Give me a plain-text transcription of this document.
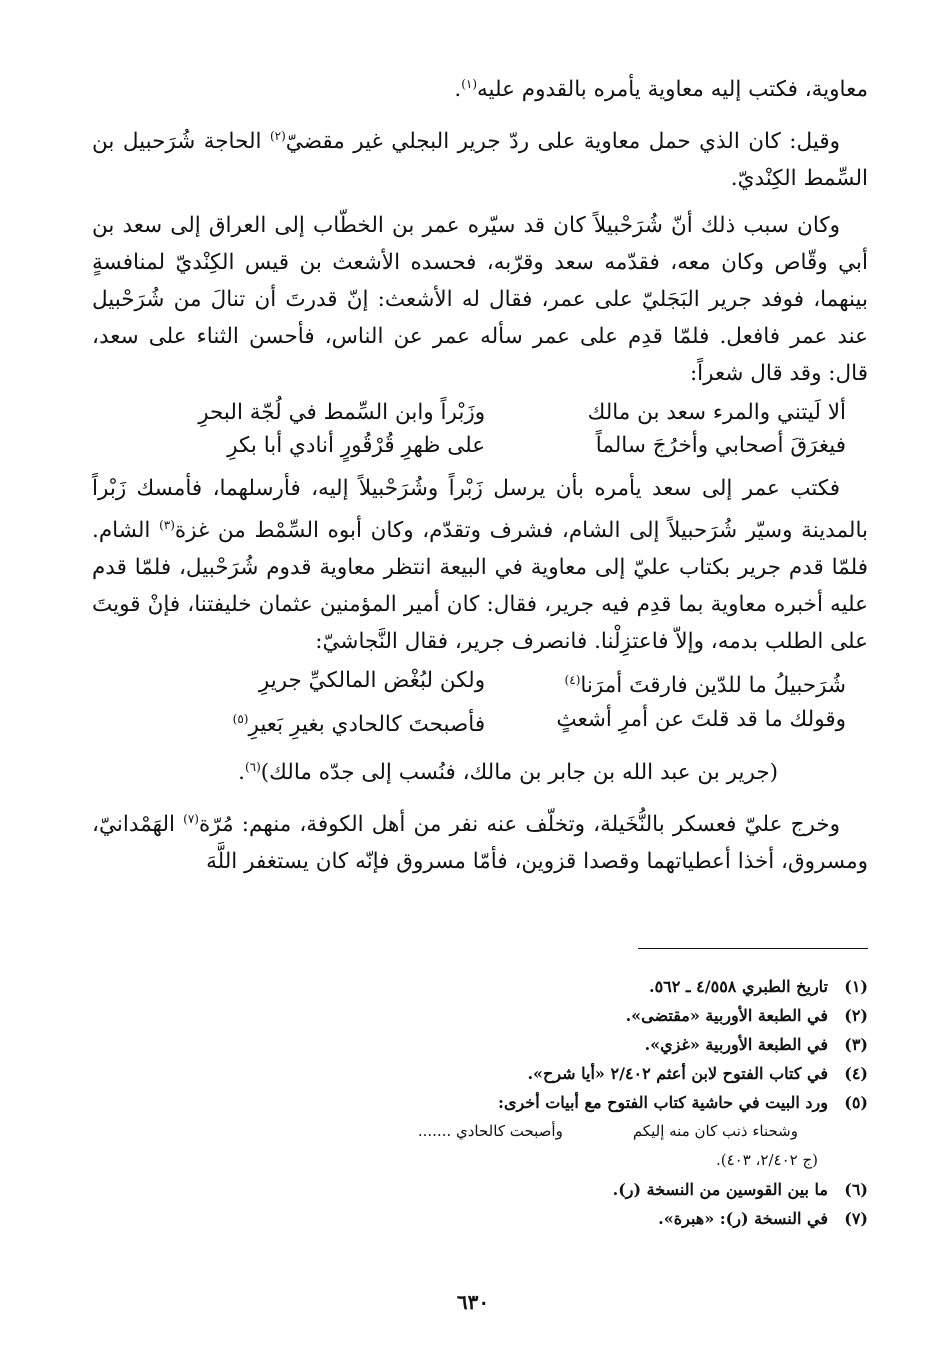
معاوية، فكتب إليه معاوية يأمره بالقدوم عليه$^{(١)}$.

وقيل: كان الذي حمل معاوية على ردّ جرير البجلي غير مقضيّ$^{(٢)}$ الحاجة شُرَحبيل بن السِّمط الكِنْديّ.

وكان سبب ذلك أنّ شُرَحْبيلاً كان قد سيّره عمر بن الخطّاب إلى العراق إلى سعد بن أبي وقّاص وكان معه، فقدّمه سعد وقرّبه، فحسده الأشعث بن قيس الكِنْديّ لمنافسةٍ بينهما، فوفد جرير البَجَليّ على عمر، فقال له الأشعث: إنّ قدرتَ أن تنالَ من شُرَحْبيل عند عمر فافعل. فلمّا قدِم على عمر سأله عمر عن الناس، فأحسن الثناء على سعد، قال: وقد قال شعراً:

ألا لَيتني والمرء سعد بن مالك
وزَبْراً وابن السِّمط في لُجّة البحرِ
فيغرَقَ أصحابي وأخرُجَ سالماً
على ظهرِ قُرْقُورٍ أنادي أبا بكرِ

فكتب عمر إلى سعد يأمره بأن يرسل زَبْراً وشُرَحْبيلاً إليه، فأرسلهما، فأمسك زَبْراً بالمدينة وسيّر شُرَحبيلاً إلى الشام، فشرف وتقدّم، وكان أبوه السِّمْط من غزة$^{(٣)}$ الشام. فلمّا قدم جرير بكتاب عليّ إلى معاوية في البيعة انتظر معاوية قدوم شُرَحْبيل، فلمّا قدم عليه أخبره معاوية بما قدِم فيه جرير، فقال: كان أمير المؤمنين عثمان خليفتنا، فإنْ قويتَ على الطلب بدمه، وإلاّ فاعتزِلْنا. فانصرف جرير، فقال النَّجاشيّ:

شُرَحبيلُ ما للدّين فارقتَ أمرَنا$^{(٤)}$
ولكن لبُغْض المالكيِّ جريرِ
وقولك ما قد قلتَ عن أمرِ أشعثٍ
فأصبحتَ كالحادي بغيرِ بَعيرِ$^{(٥)}$
(جرير بن عبد الله بن جابر بن مالك، فنُسب إلى جدّه مالك)$^{(٦)}$.

وخرج عليّ فعسكر بالنُّخَيلة، وتخلّف عنه نفر من أهل الكوفة، منهم: مُرّة$^{(٧)}$ الهَمْدانيّ، ومسروق، أخذا أعطياتهما وقصدا قزوين، فأمّا مسروق فإنّه كان يستغفر اللَّهَ

(١)
تاريخ الطبري ٤/٥٥٨ ـ ٥٦٢.
(٢)
في الطبعة الأوربية «مقتضى».
(٣)
في الطبعة الأوربية «غزي».
(٤)
في كتاب الفتوح لابن أعثم ٢/٤٠٢ «أيا شرح».
(٥)
ورد البيت في حاشية كتاب الفتوح مع أبيات أخرى:
وشحناء ذنب كان منه إليكم
وأصبحت كالحادي .......
(ج ٢/٤٠٢، ٤٠٣).
(٦)
ما بين القوسين من النسخة (ر).
(٧)
في النسخة (ر): «هبرة».
٦٣٠
